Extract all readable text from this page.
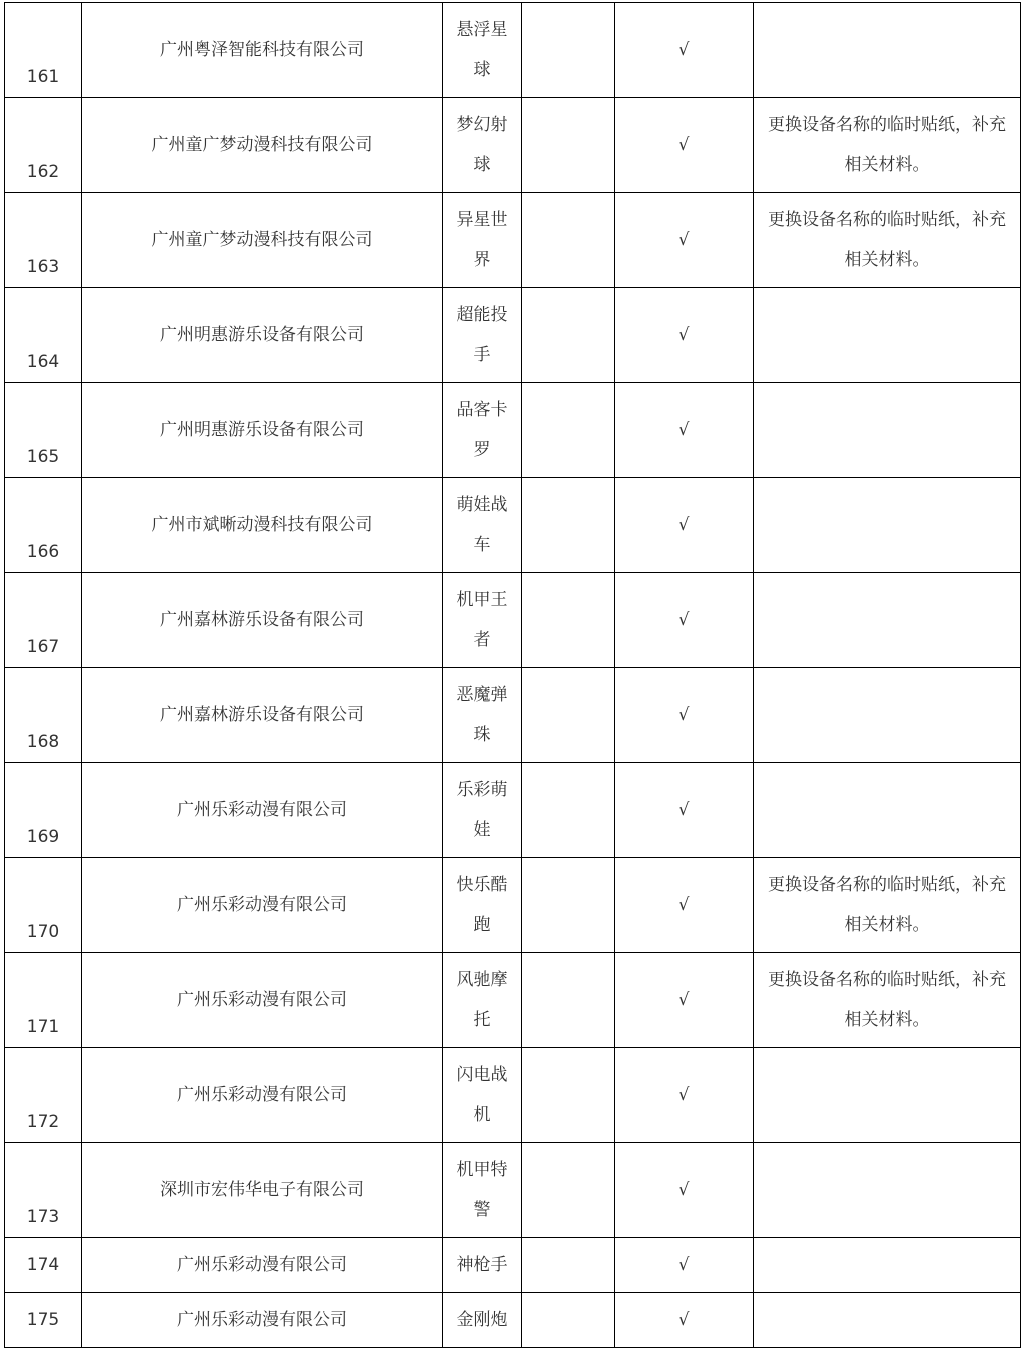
161	广州粤泽智能科技有限公司	悬浮星球		√	

162	广州童广梦动漫科技有限公司	梦幻射球		√	更换设备名称的临时贴纸，补充相关材料。

163	广州童广梦动漫科技有限公司	异星世界		√	更换设备名称的临时贴纸，补充相关材料。

164	广州明惠游乐设备有限公司	超能投手		√	

165	广州明惠游乐设备有限公司	品客卡罗		√	

166	广州市斌晰动漫科技有限公司	萌娃战车		√	

167	广州嘉林游乐设备有限公司	机甲王者		√	

168	广州嘉林游乐设备有限公司	恶魔弹珠		√	

169	广州乐彩动漫有限公司	乐彩萌娃		√	

170	广州乐彩动漫有限公司	快乐酷跑		√	更换设备名称的临时贴纸，补充相关材料。

171	广州乐彩动漫有限公司	风驰摩托		√	更换设备名称的临时贴纸，补充相关材料。

172	广州乐彩动漫有限公司	闪电战机		√	

173	深圳市宏伟华电子有限公司	机甲特警		√	

174	广州乐彩动漫有限公司	神枪手		√	

175	广州乐彩动漫有限公司	金刚炮		√	
